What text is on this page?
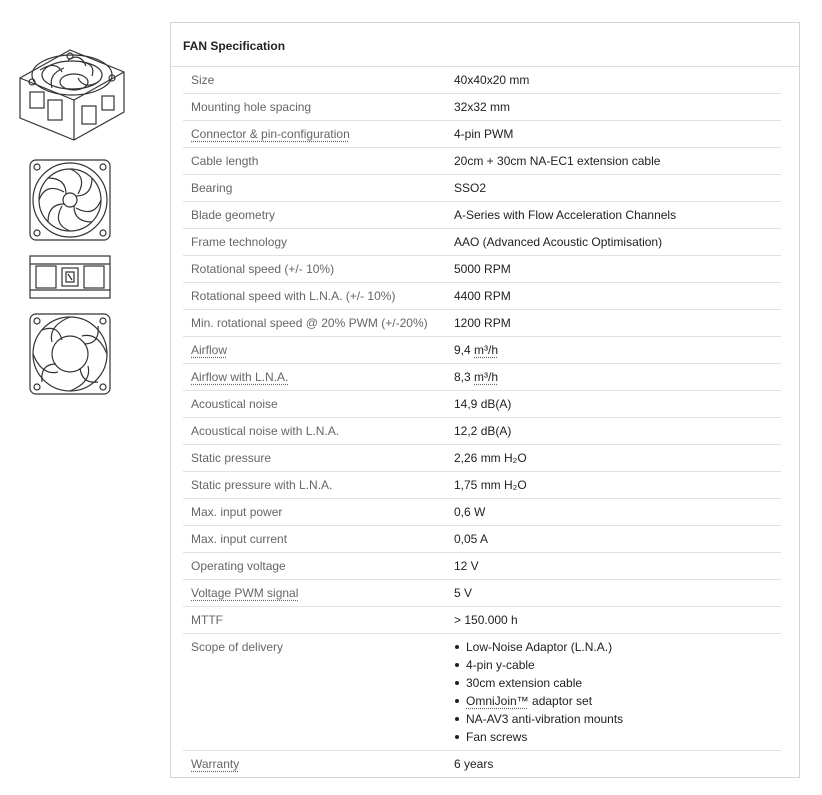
FAN Specification
Size	40x40x20 mm
Mounting hole spacing	32x32 mm
Connector & pin-configuration	4-pin PWM
Cable length	20cm + 30cm NA-EC1 extension cable
Bearing	SSO2
Blade geometry	A-Series with Flow Acceleration Channels
Frame technology	AAO (Advanced Acoustic Optimisation)
Rotational speed (+/- 10%)	5000 RPM
Rotational speed with L.N.A. (+/- 10%)	4400 RPM
Min. rotational speed @ 20% PWM (+/-20%) 1200 RPM
Airflow	9,4 m³/h
Airflow with L.N.A.	8,3 m³/h
Acoustical noise	14,9 dB(A)
Acoustical noise with L.N.A.	12,2 dB(A)
Static pressure	2,26 mm H₂O
Static pressure with L.N.A.	1,75 mm H₂O
Max. input power	0,6 W
Max. input current	0,05 A
Operating voltage	12 V
Voltage PWM signal	5 V
MTTF	> 150.000 h
Scope of delivery	Low-Noise Adaptor (L.N.A.)
4-pin y-cable
30cm extension cable
OmniJoin™ adaptor set
NA-AV3 anti-vibration mounts
Fan screws
Warranty	6 years
